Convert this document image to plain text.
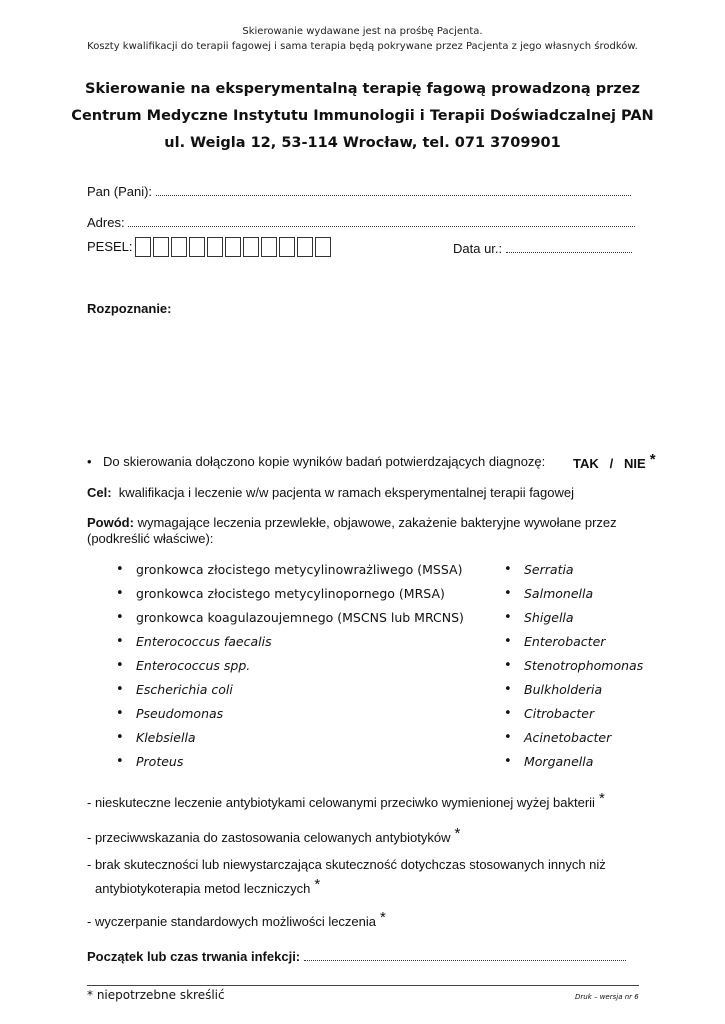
Skierowanie wydawane jest na prośbę Pacjenta.
Koszty kwalifikacji do terapii fagowej i sama terapia będą pokrywane przez Pacjenta z jego własnych środków.
Skierowanie na eksperymentalną terapię fagową prowadzoną przez
Centrum Medyczne Instytutu Immunologii i Terapii Doświadczalnej PAN
ul. Weigla 12, 53-114 Wrocław, tel. 071 3709901
Pan (Pani):
Adres:
PESEL:	Data ur.:
Rozpoznanie:
• Do skierowania dołączono kopie wyników badań potwierdzających diagnozę: TAK   /   NIE *
Cel: kwalifikacja i leczenie w/w pacjenta w ramach eksperymentalnej terapii fagowej
Powód: wymagające leczenia przewlekłe, objawowe, zakażenie bakteryjne wywołane przez
(podkreślić właściwe):
• gronkowca złocistego metycylinowrażliwego (MSSA)
• gronkowca złocistego metycylinopornego (MRSA)
• gronkowca koagulazoujemnego (MSCNS lub MRCNS)
• Enterococcus faecalis
• Enterococcus spp.
• Escherichia coli
• Pseudomonas
• Klebsiella
• Proteus
• Serratia
• Salmonella
• Shigella
• Enterobacter
• Stenotrophomonas
• Bulkholderia
• Citrobacter
• Acinetobacter
• Morganella
- nieskuteczne leczenie antybiotykami celowanymi przeciwko wymienionej wyżej bakterii *
- przeciwwskazania do zastosowania celowanych antybiotyków *
- brak skuteczności lub niewystarczająca skuteczność dotychczas stosowanych innych niż
antybiotykoterapia metod leczniczych *
- wyczerpanie standardowych możliwości leczenia *
Początek lub czas trwania infekcji:
* niepotrzebne skreślić	Druk – wersja nr 6
